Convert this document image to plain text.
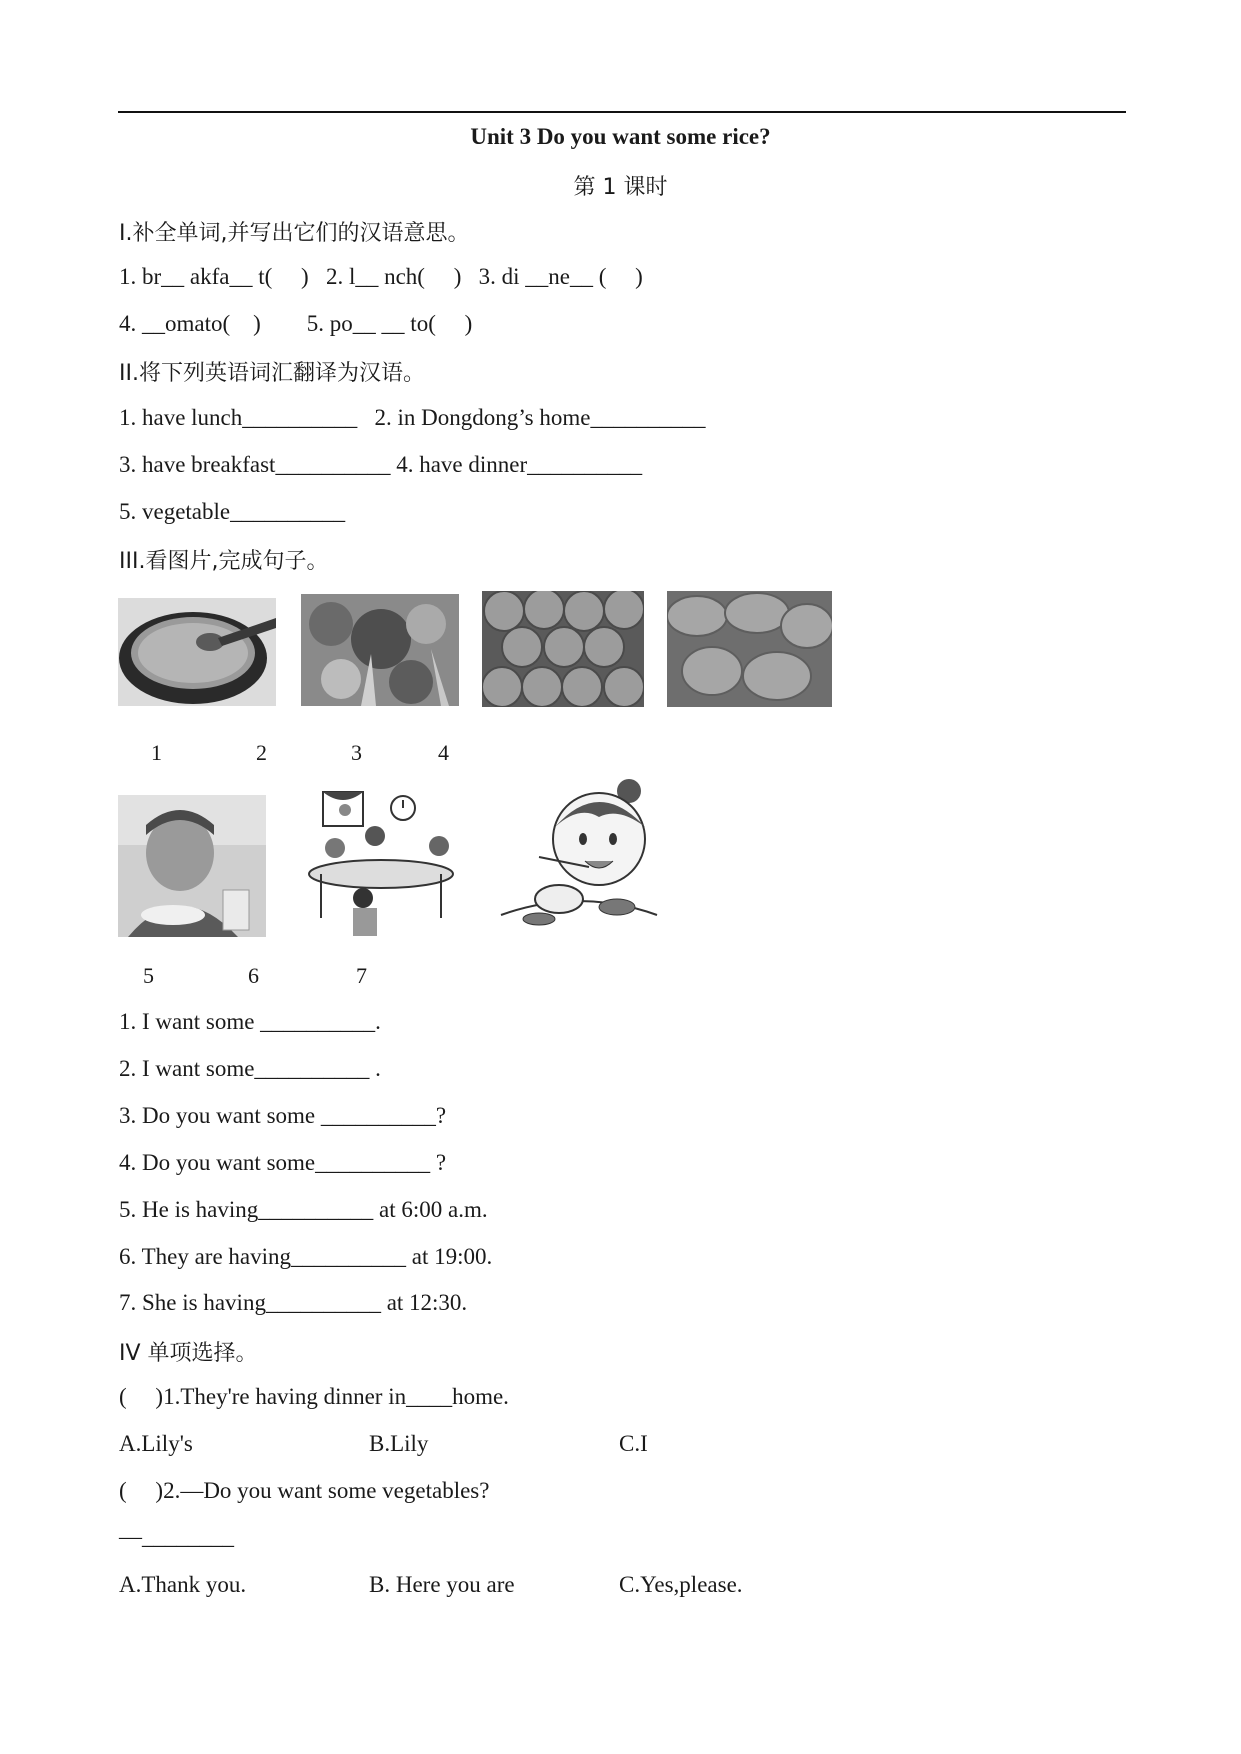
Unit 3 Do you want some rice?
第 1 课时
I.补全单词,并写出它们的汉语意思。
1. br__ akfa__ t(     )   2. l__ nch(     )   3. di __ne__ (     )
4. __omato(    )        5. po__ __ to(     )
II.将下列英语词汇翻译为汉语。
1. have lunch__________   2. in Dongdong’s home__________
3. have breakfast__________ 4. have dinner__________
5. vegetable__________
III.看图片,完成句子。
1	2	3	4
5	6	7
1. I want some __________.
2. I want some__________ .
3. Do you want some __________?
4. Do you want some__________ ?
5. He is having__________ at 6:00 a.m.
6. They are having__________ at 19:00.
7. She is having__________ at 12:30.
IV 单项选择。
(     )1.They're having dinner in____home.
A.Lily's	B.Lily	C.I
(     )2.—Do you want some vegetables?
—________
A.Thank you.	B. Here you are	C.Yes,please.
